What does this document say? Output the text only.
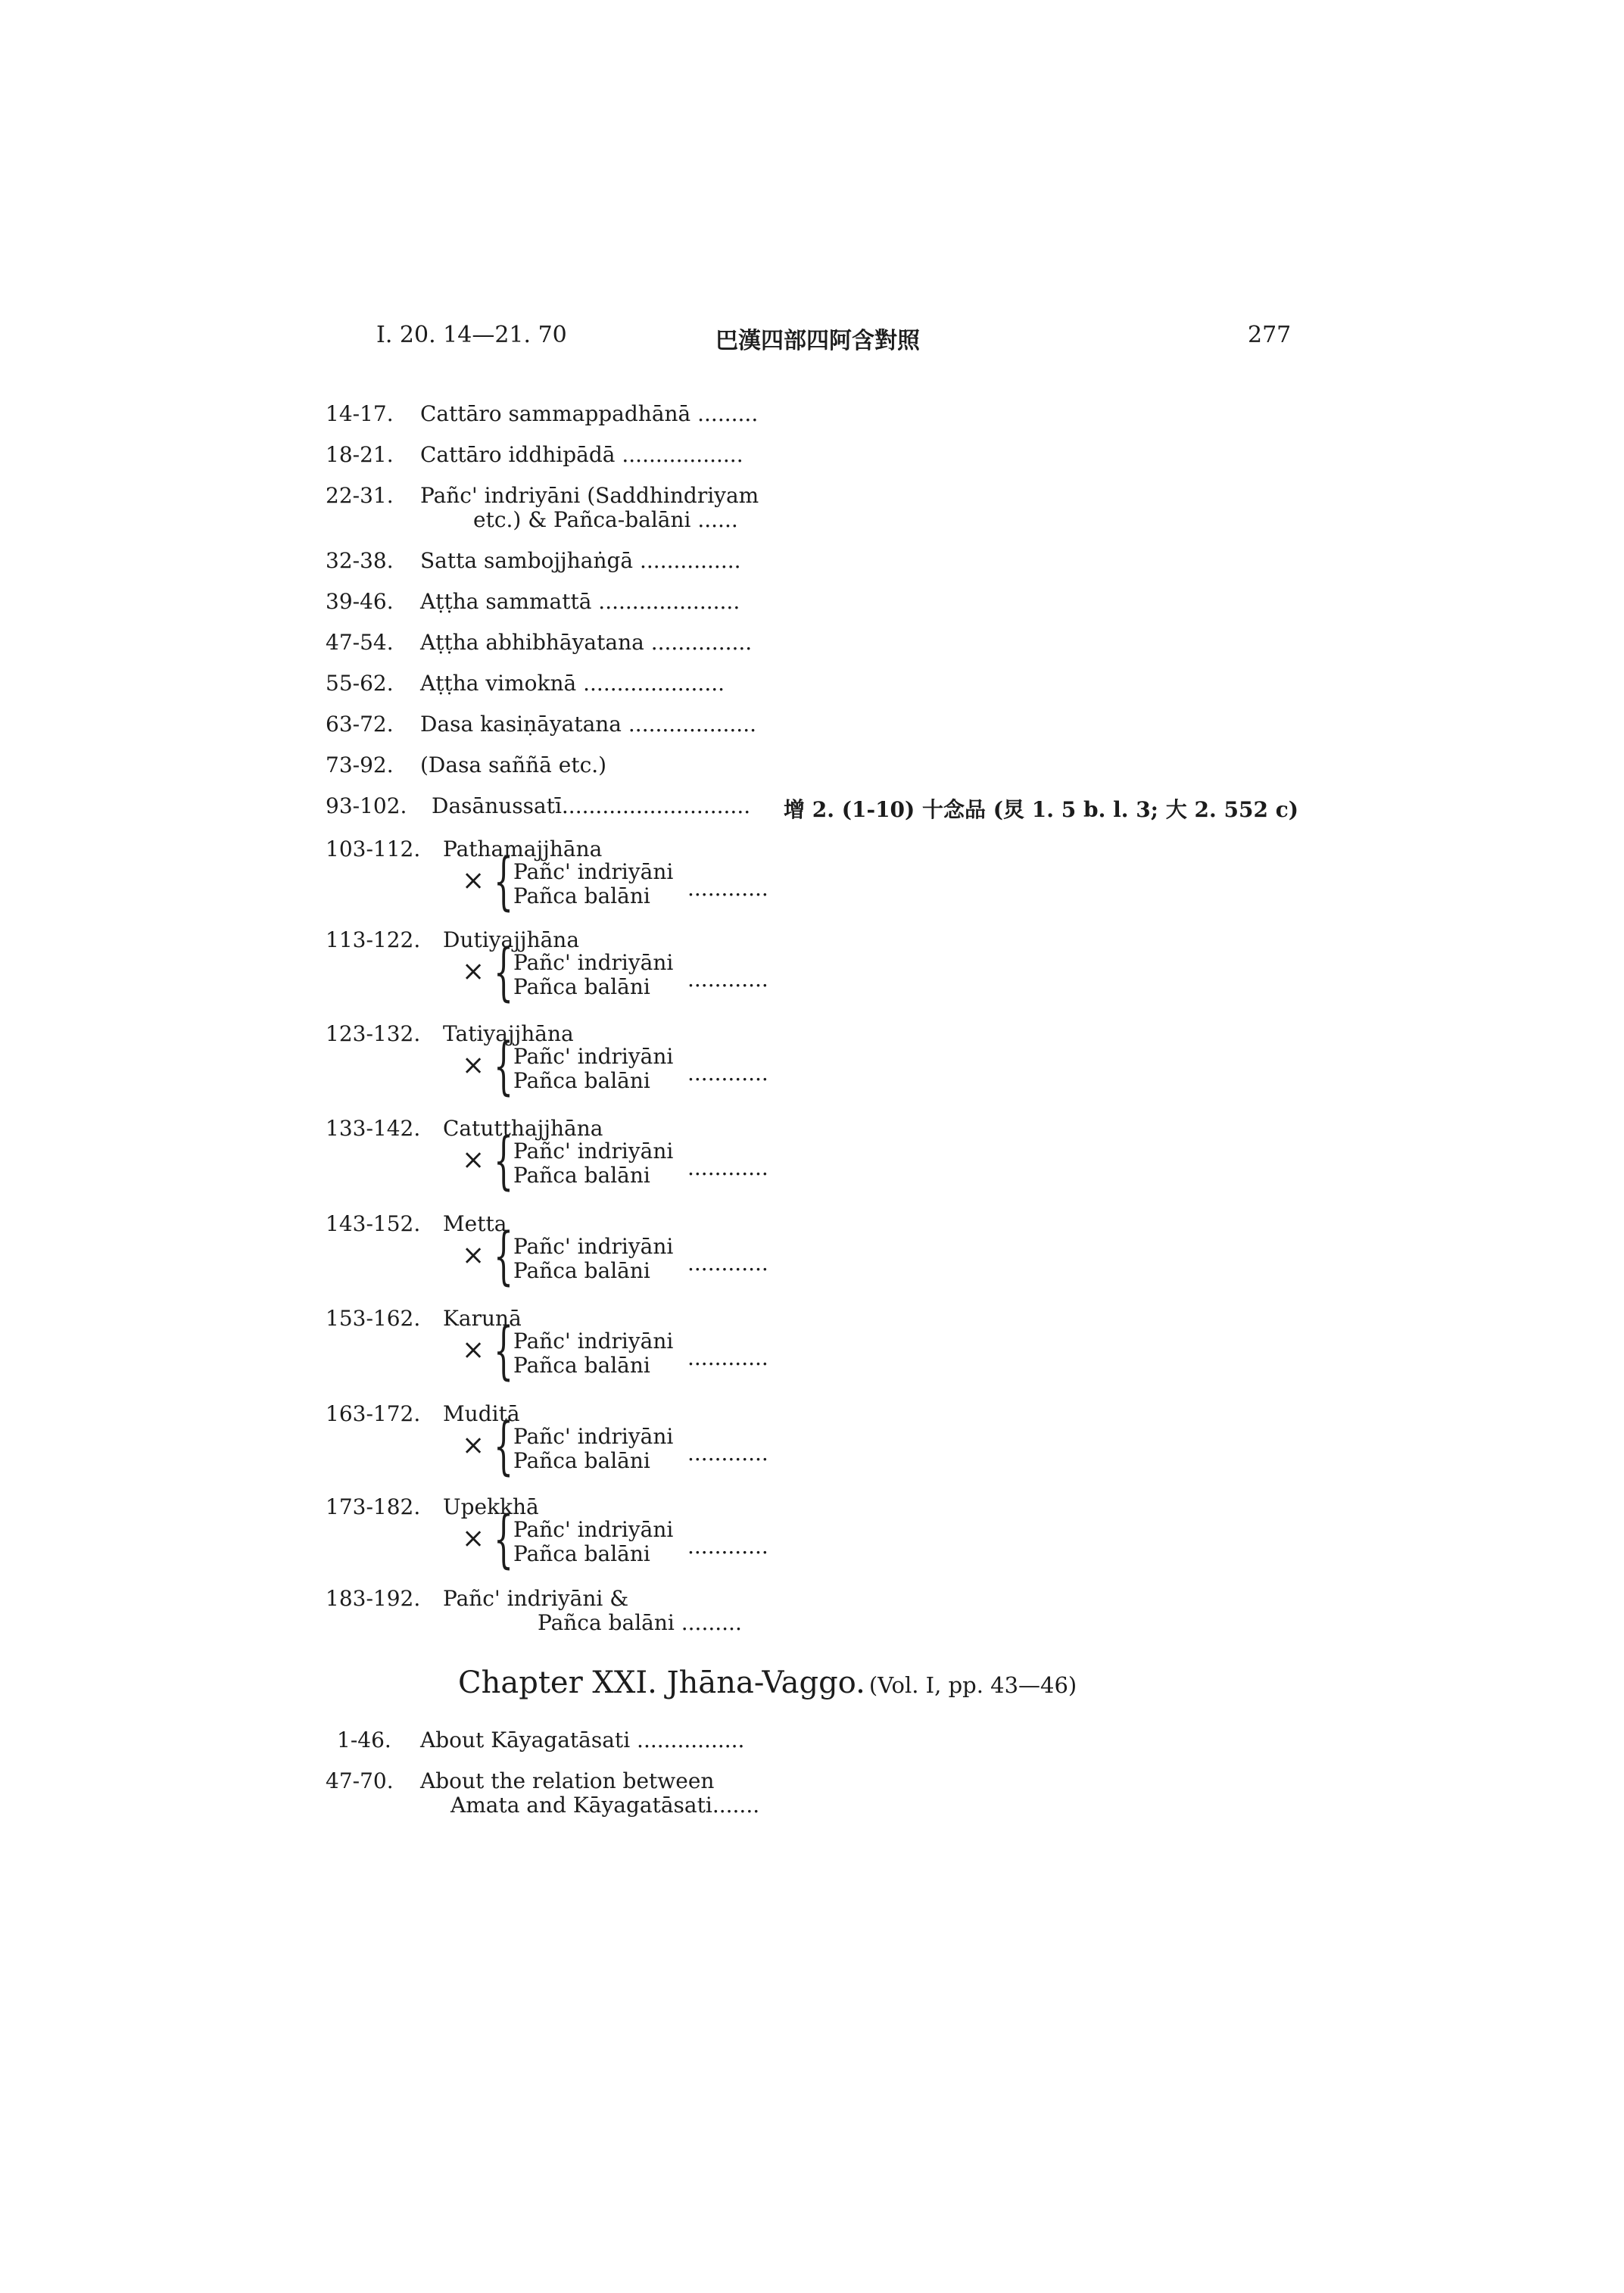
I. 20. 14—21. 70	巴漢四部四阿含對照	277
14-17. Cattāro sammappadhānā .........
18-21. Cattāro iddhipādā ..................
22-31. Pañc' indriyāni (Saddhindriyam
etc.) & Pañca-balāni ......
32-38. Satta sambojjhaṅgā ...............
39-46. Aṭṭha sammattā .....................
47-54. Aṭṭha abhibhāyatana ...............
55-62. Aṭṭha vimoknā .....................
63-72. Dasa kasiṇāyatana ...................
73-92. (Dasa saññā etc.)
93-102. Dasānussatī............................ 增 2. (1-10) 十念品 (炅 1. 5 b. l. 3; 大 2. 552 c)
103-112. Pathamajjhāna
× { Pañc' indriyāni
Pañca balāni ............
113-122. Dutiyajjhāna
× { Pañc' indriyāni
Pañca balāni ............
123-132. Tatiyajjhāna
× { Pañc' indriyāni
Pañca balāni ............
133-142. Catutthajjhāna
× { Pañc' indriyāni
Pañca balāni ............
143-152. Metta
× { Pañc' indriyāni
Pañca balāni ............
153-162. Karunā
× { Pañc' indriyāni
Pañca balāni ............
163-172. Muditā
× { Pañc' indriyāni
Pañca balāni ............
173-182. Upekkhā
× { Pañc' indriyāni
Pañca balāni ............
183-192. Pañc' indriyāni &
Pañca balāni .........
Chapter XXI. Jhāna-Vaggo. (Vol. I, pp. 43—46)
1-46. About Kāyagatāsati ................
47-70. About the relation between
Amata and Kāyagatāsati.......
